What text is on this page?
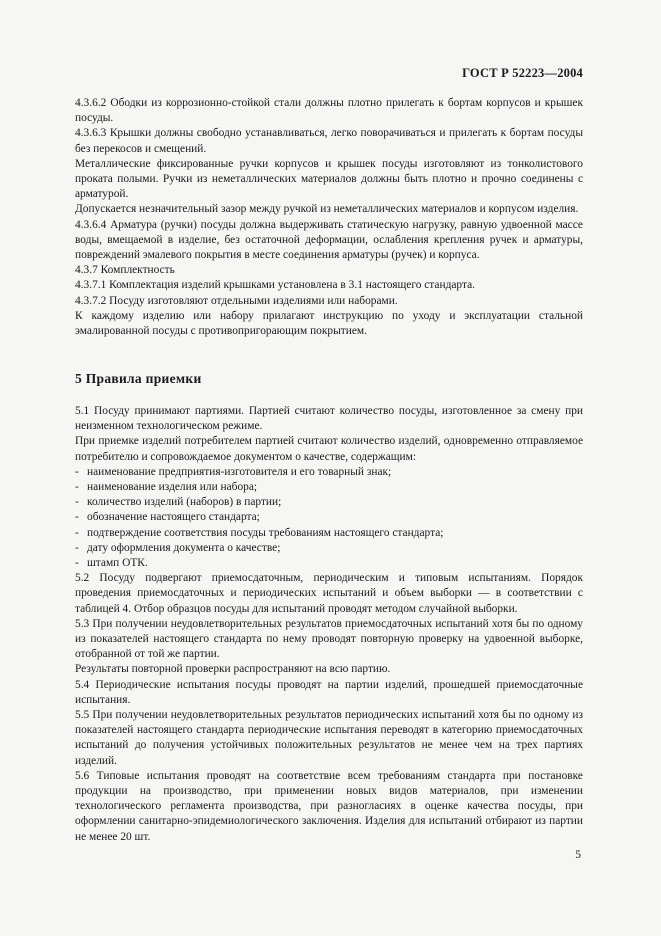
ГОСТ Р 52223—2004

4.3.6.2 Ободки из коррозионно-стойкой стали должны плотно прилегать к бортам корпусов и крышек посуды.

4.3.6.3 Крышки должны свободно устанавливаться, легко поворачиваться и прилегать к бортам посуды без перекосов и смещений.

Металлические фиксированные ручки корпусов и крышек посуды изготовляют из тонколистового проката полыми. Ручки из неметаллических материалов должны быть плотно и прочно соединены с арматурой.

Допускается незначительный зазор между ручкой из неметаллических материалов и корпусом изделия.

4.3.6.4 Арматура (ручки) посуды должна выдерживать статическую нагрузку, равную удвоенной массе воды, вмещаемой в изделие, без остаточной деформации, ослабления крепления ручек и арматуры, повреждений эмалевого покрытия в месте соединения арматуры (ручек) и корпуса.

4.3.7 Комплектность

4.3.7.1 Комплектация изделий крышками установлена в 3.1 настоящего стандарта.

4.3.7.2 Посуду изготовляют отдельными изделиями или наборами.

К каждому изделию или набору прилагают инструкцию по уходу и эксплуатации стальной эмалированной посуды с противопригорающим покрытием.

5 Правила приемки

5.1 Посуду принимают партиями. Партией считают количество посуды, изготовленное за смену при неизменном технологическом режиме.

При приемке изделий потребителем партией считают количество изделий, одновременно отправляемое потребителю и сопровождаемое документом о качестве, содержащим:

- наименование предприятия-изготовителя и его товарный знак;
- наименование изделия или набора;
- количество изделий (наборов) в партии;
- обозначение настоящего стандарта;
- подтверждение соответствия посуды требованиям настоящего стандарта;
- дату оформления документа о качестве;
- штамп ОТК.

5.2 Посуду подвергают приемосдаточным, периодическим и типовым испытаниям. Порядок проведения приемосдаточных и периодических испытаний и объем выборки — в соответствии с таблицей 4. Отбор образцов посуды для испытаний проводят методом случайной выборки.

5.3 При получении неудовлетворительных результатов приемосдаточных испытаний хотя бы по одному из показателей настоящего стандарта по нему проводят повторную проверку на удвоенной выборке, отобранной от той же партии.

Результаты повторной проверки распространяют на всю партию.

5.4 Периодические испытания посуды проводят на партии изделий, прошедшей приемосдаточные испытания.

5.5 При получении неудовлетворительных результатов периодических испытаний хотя бы по одному из показателей настоящего стандарта периодические испытания переводят в категорию приемосдаточных испытаний до получения устойчивых положительных результатов не менее чем на трех партиях изделий.

5.6 Типовые испытания проводят на соответствие всем требованиям стандарта при постановке продукции на производство, при применении новых видов материалов, при изменении технологического регламента производства, при разногласиях в оценке качества посуды, при оформлении санитарно-эпидемиологического заключения. Изделия для испытаний отбирают из партии не менее 20 шт.

5
